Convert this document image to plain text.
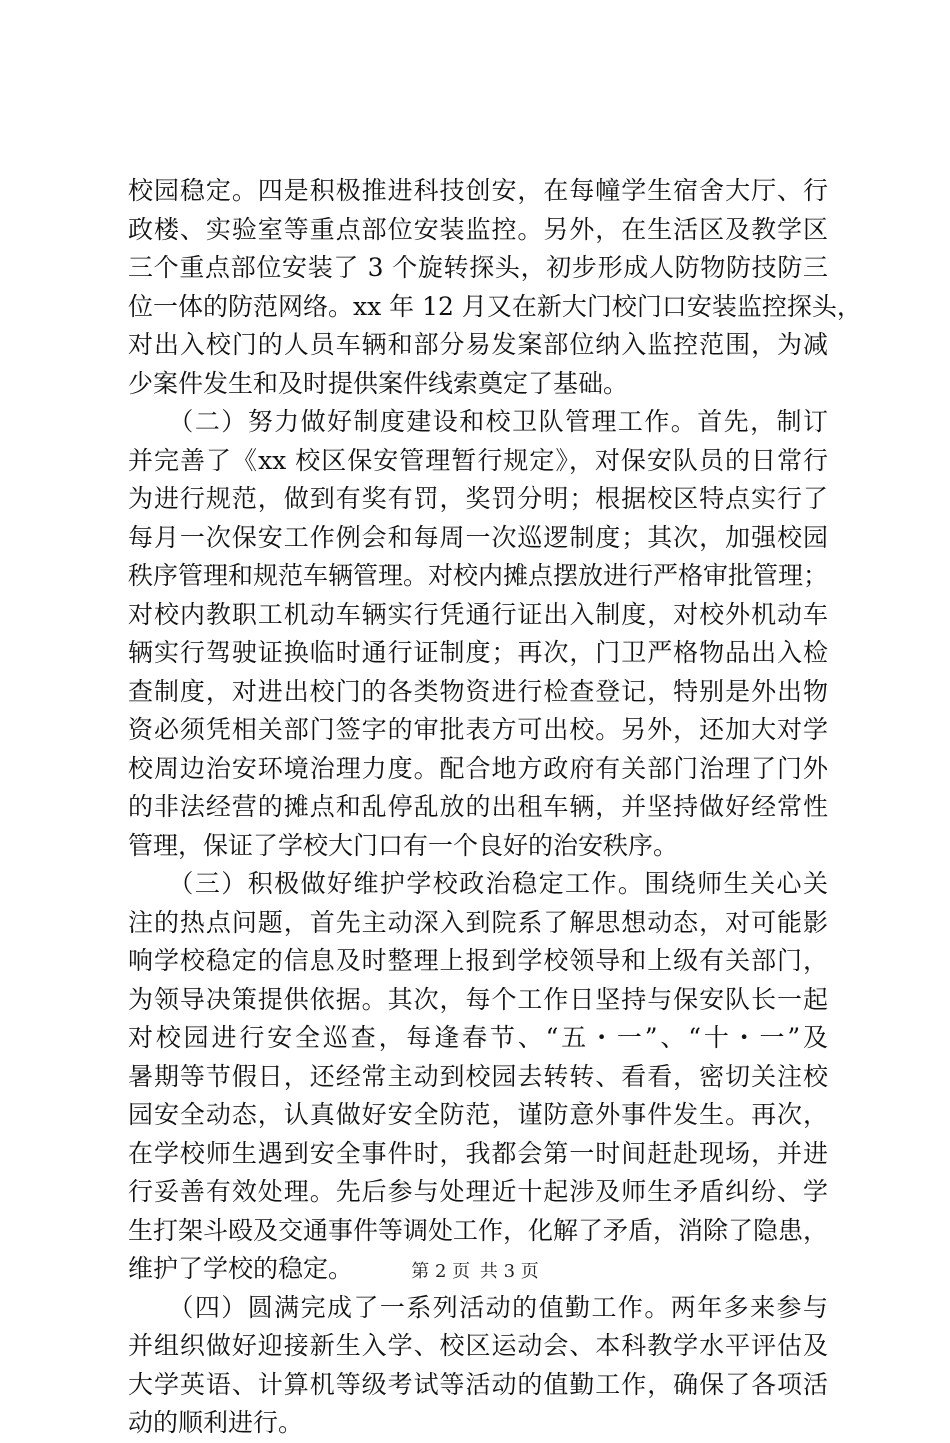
校园稳定。四是积极推进科技创安，在每幢学生宿舍大厅、行
政楼、实验室等重点部位安装监控。另外，在生活区及教学区
三个重点部位安装了 3 个旋转探头，初步形成人防物防技防三
位一体的防范网络。xx 年 12 月又在新大门校门口安装监控探头，
对出入校门的人员车辆和部分易发案部位纳入监控范围，为减
少案件发生和及时提供案件线索奠定了基础。
　　（二）努力做好制度建设和校卫队管理工作。首先，制订
并完善了《xx 校区保安管理暂行规定》，对保安队员的日常行
为进行规范，做到有奖有罚，奖罚分明；根据校区特点实行了
每月一次保安工作例会和每周一次巡逻制度；其次，加强校园
秩序管理和规范车辆管理。对校内摊点摆放进行严格审批管理；
对校内教职工机动车辆实行凭通行证出入制度，对校外机动车
辆实行驾驶证换临时通行证制度；再次，门卫严格物品出入检
查制度，对进出校门的各类物资进行检查登记，特别是外出物
资必须凭相关部门签字的审批表方可出校。另外，还加大对学
校周边治安环境治理力度。配合地方政府有关部门治理了门外
的非法经营的摊点和乱停乱放的出租车辆，并坚持做好经常性
管理，保证了学校大门口有一个良好的治安秩序。
　　（三）积极做好维护学校政治稳定工作。围绕师生关心关
注的热点问题，首先主动深入到院系了解思想动态，对可能影
响学校稳定的信息及时整理上报到学校领导和上级有关部门，
为领导决策提供依据。其次，每个工作日坚持与保安队长一起
对校园进行安全巡查，每逢春节、“五・一”、“十・一”及
暑期等节假日，还经常主动到校园去转转、看看，密切关注校
园安全动态，认真做好安全防范，谨防意外事件发生。再次，
在学校师生遇到安全事件时，我都会第一时间赶赴现场，并进
行妥善有效处理。先后参与处理近十起涉及师生矛盾纠纷、学
生打架斗殴及交通事件等调处工作，化解了矛盾，消除了隐患，
维护了学校的稳定。
　　（四）圆满完成了一系列活动的值勤工作。两年多来参与
并组织做好迎接新生入学、校区运动会、本科教学水平评估及
大学英语、计算机等级考试等活动的值勤工作，确保了各项活
动的顺利进行。
第 2 页 共 3 页
